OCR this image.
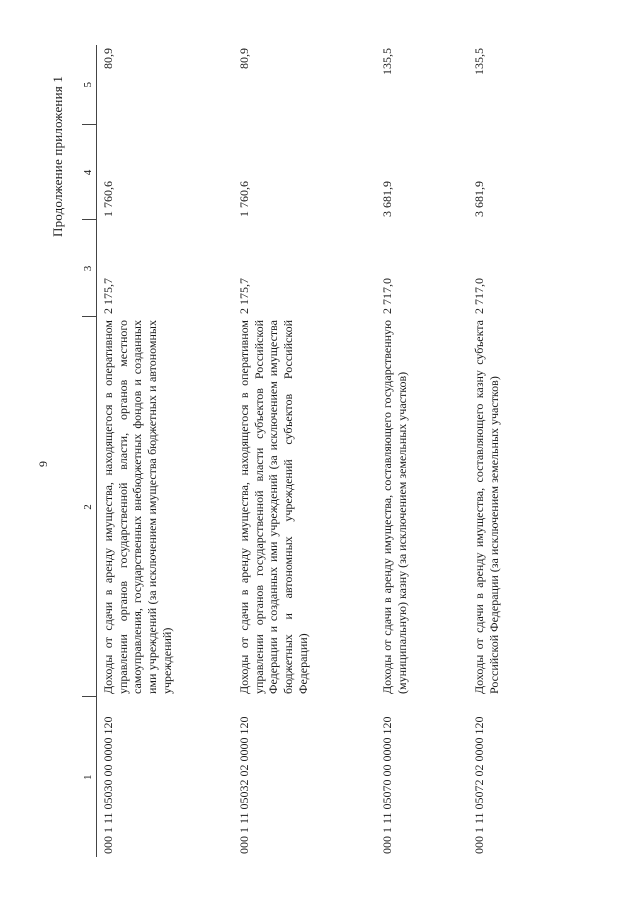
9
Продолжение приложения 1
1	2	3	4	5
000 1 11 05030 00 0000 120	Доходы от сдачи в аренду имущества, находящегося в оперативном управлении органов государственной власти, органов местного самоуправления, государственных внебюджетных фондов и созданных ими учреждений (за исключением имущества бюджетных и автономных учреждений)	2 175,7	1 760,6	80,9
000 1 11 05032 02 0000 120	Доходы от сдачи в аренду имущества, находящегося в оперативном управлении органов государственной власти субъектов Российской Федерации и созданных ими учреждений (за исключением имущества бюджетных и автономных учреждений субъектов Российской Федерации)	2 175,7	1 760,6	80,9
000 1 11 05070 00 0000 120	Доходы от сдачи в аренду имущества, составляющего государственную (муниципальную) казну (за исключением земельных участков)	2 717,0	3 681,9	135,5
000 1 11 05072 02 0000 120	Доходы от сдачи в аренду имущества, составляющего казну субъекта Российской Федерации (за исключением земельных участков)	2 717,0	3 681,9	135,5
